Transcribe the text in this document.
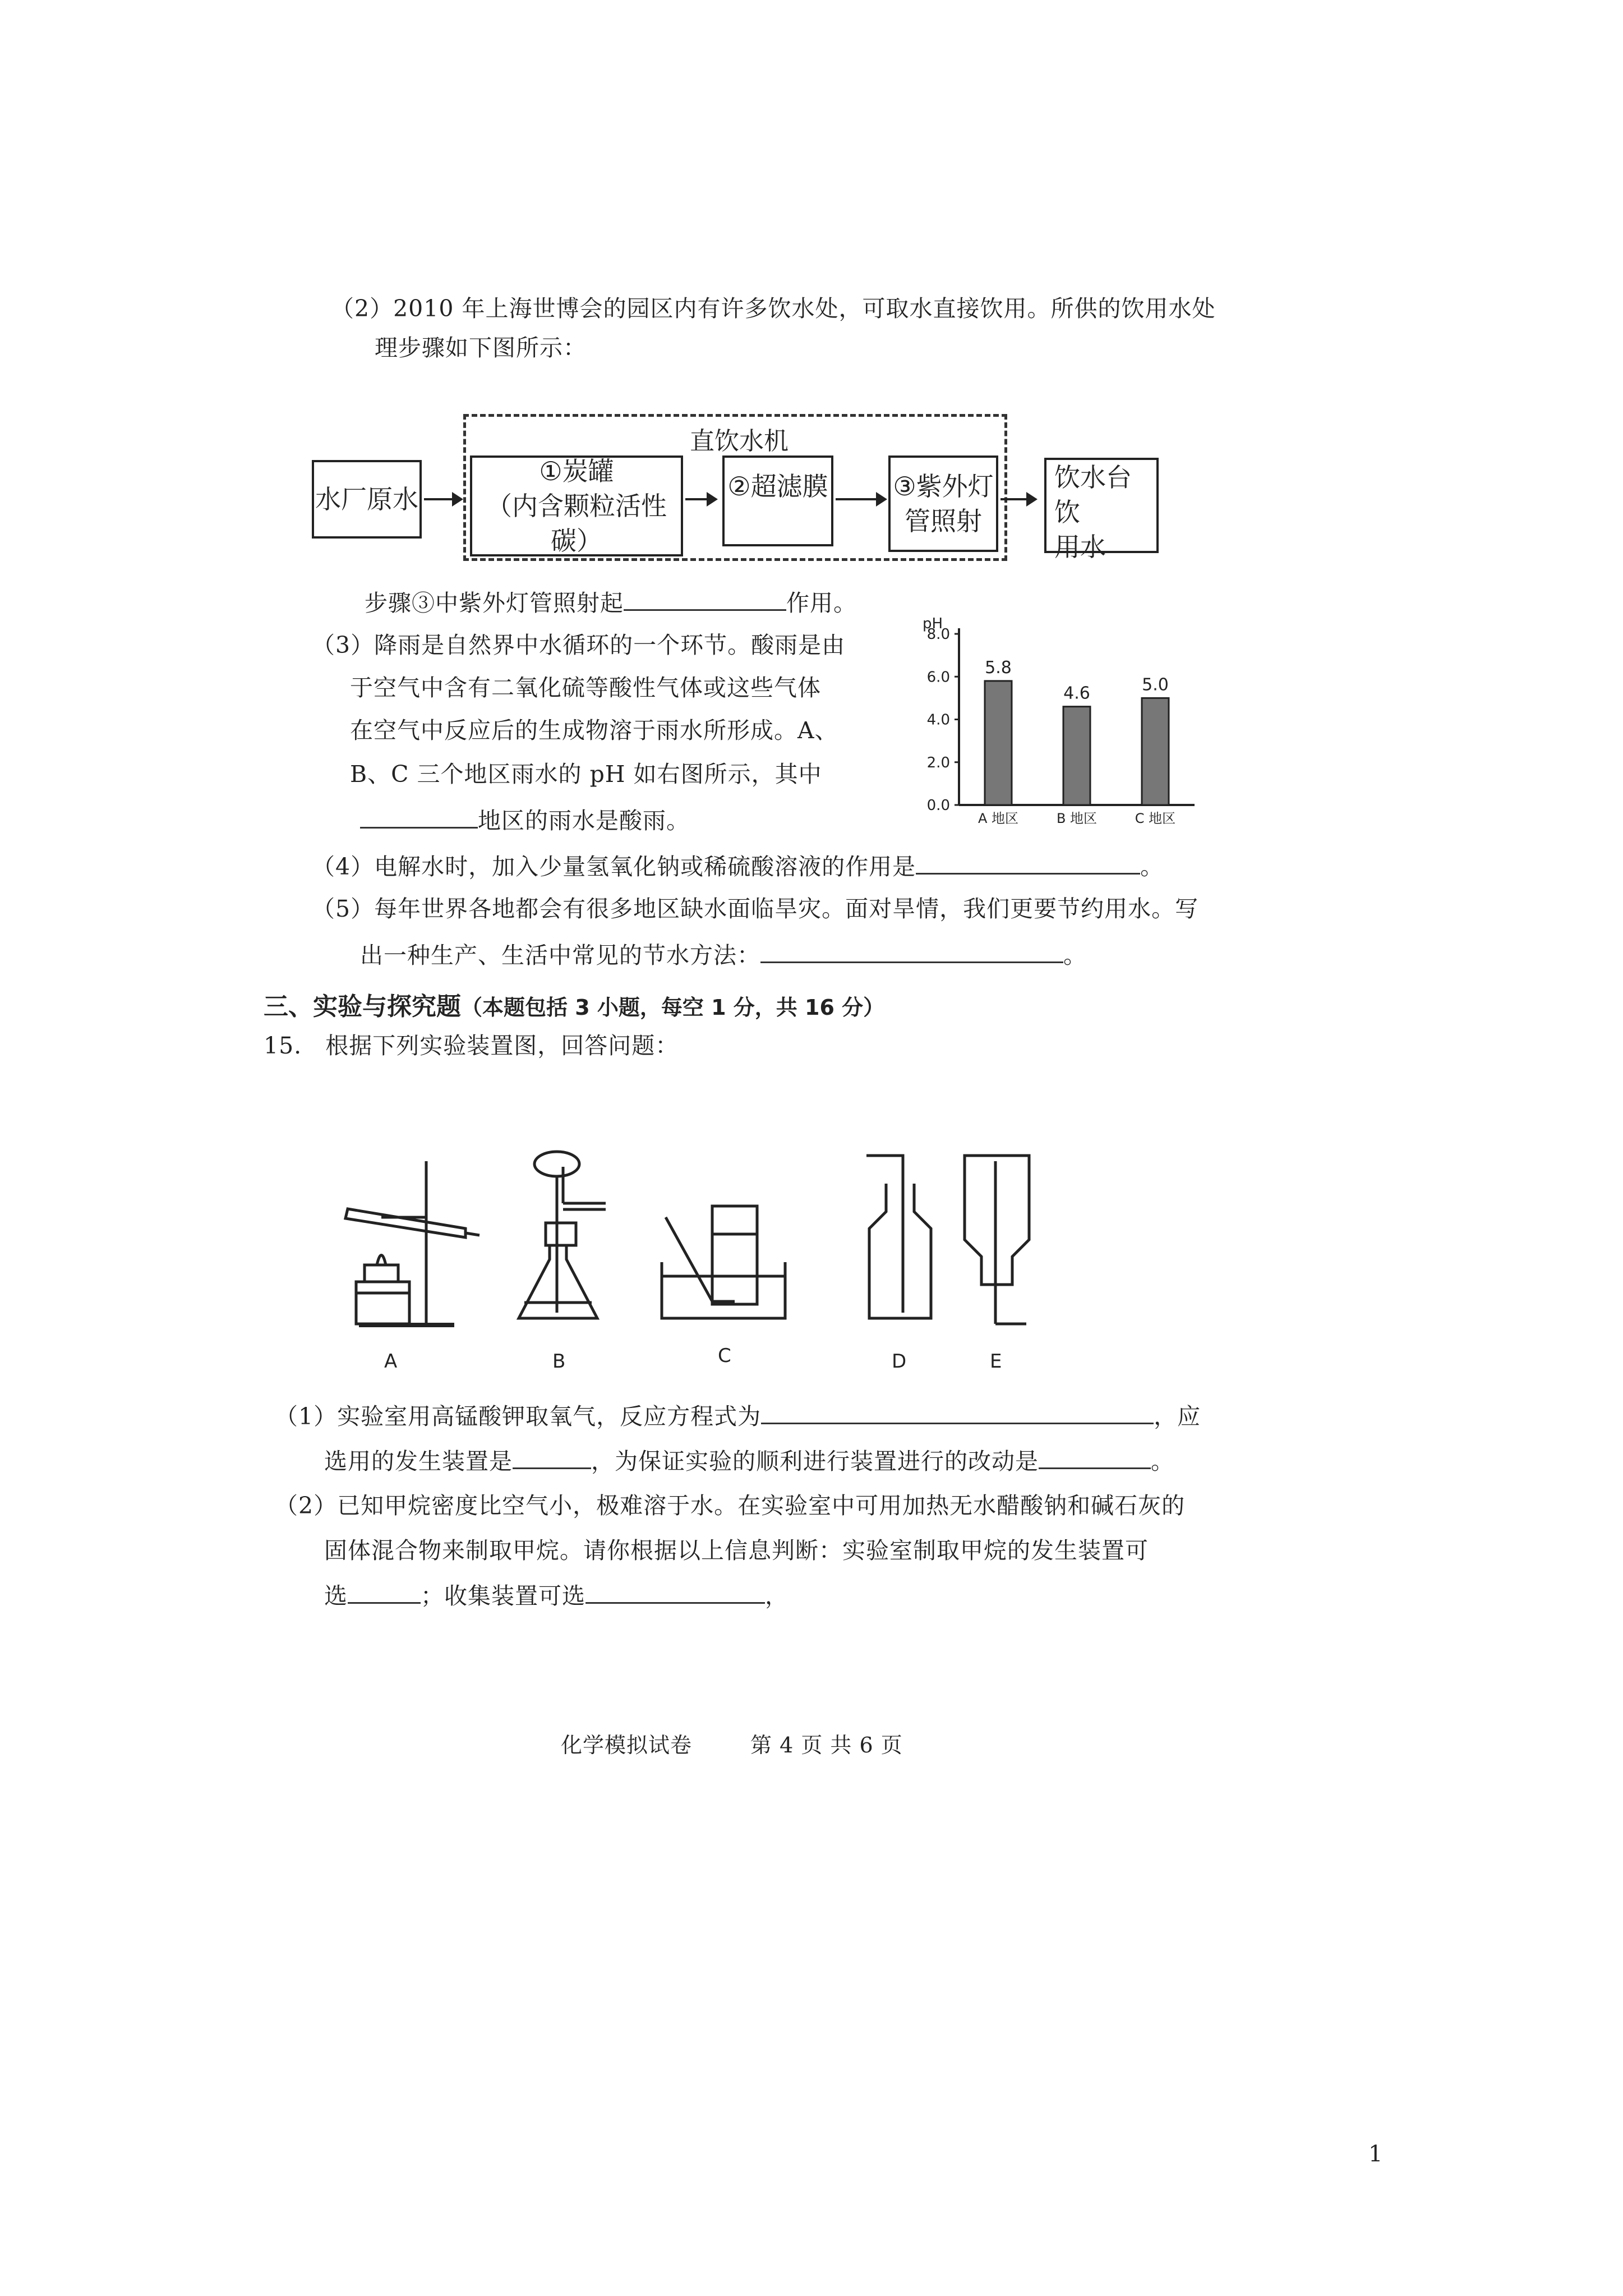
（2）2010 年上海世博会的园区内有许多饮水处，可取水直接饮用。所供的饮用水处
理步骤如下图所示：
直饮水机
水厂原水
①炭罐
（内含颗粒活性碳）
②超滤膜	③紫外灯
管照射
饮水台饮
用水
步骤③中紫外灯管照射起	作用。
（3）降雨是自然界中水循环的一个环节。酸雨是由
于空气中含有二氧化硫等酸性气体或这些气体
在空气中反应后的生成物溶于雨水所形成。A、
B、C 三个地区雨水的 pH 如右图所示，其中
地区的雨水是酸雨。
pH
0.0
2.0
4.0
6.0
8.0
5.8
A 地区
4.6
B 地区
5.0
C 地区
（4）电解水时，加入少量氢氧化钠或稀硫酸溶液的作用是	。
（5）每年世界各地都会有很多地区缺水面临旱灾。面对旱情，我们更要节约用水。写
出一种生产、生活中常见的节水方法：	。
三、实验与探究题（本题包括 3 小题，每空 1 分，共 16 分）
15.　根据下列实验装置图，回答问题：
A	B	C	D	E
（1）实验室用高锰酸钾取氧气，反应方程式为	，应
选用的发生装置是	，为保证实验的顺利进行装置进行的改动是	。
（2）已知甲烷密度比空气小，极难溶于水。在实验室中可用加热无水醋酸钠和碱石灰的
固体混合物来制取甲烷。请你根据以上信息判断：实验室制取甲烷的发生装置可
选	；收集装置可选	，
化学模拟试卷	第 4 页 共 6 页
1
